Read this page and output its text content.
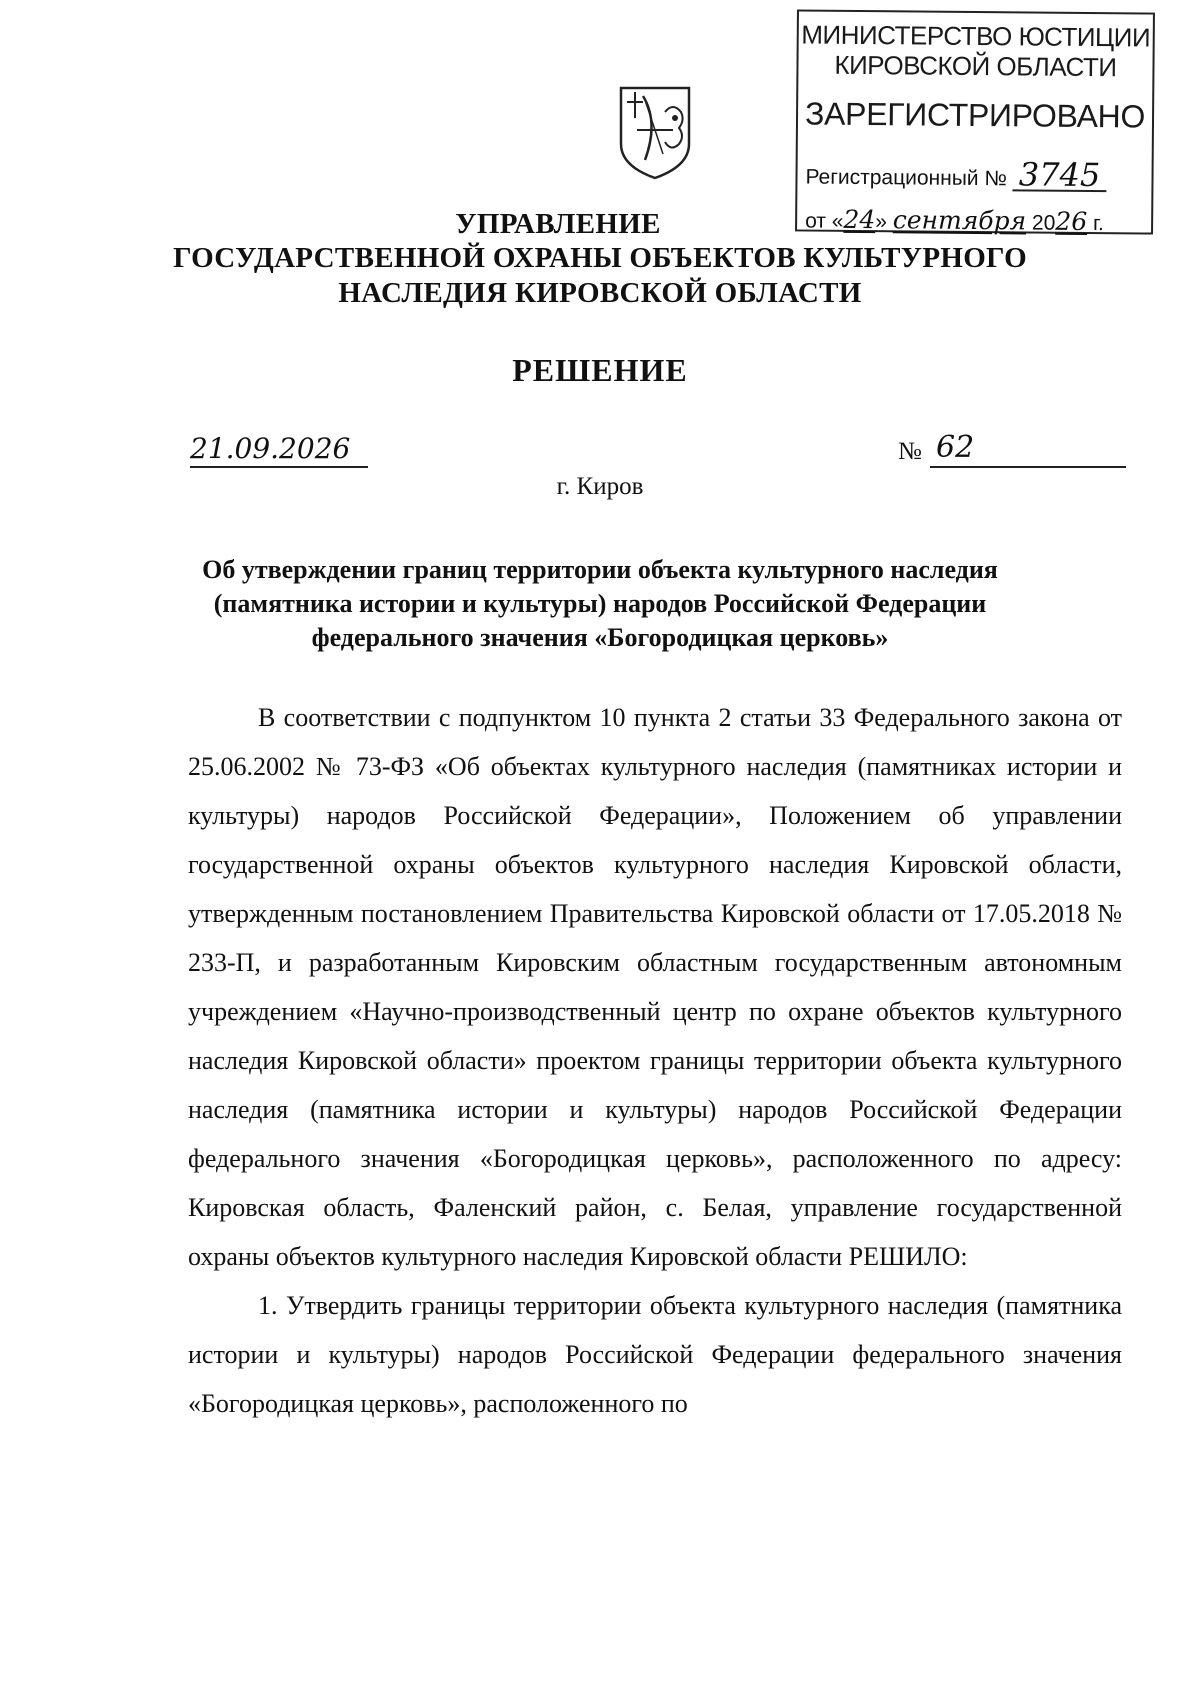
МИНИСТЕРСТВО ЮСТИЦИИ
КИРОВСКОЙ ОБЛАСТИ
ЗАРЕГИСТРИРОВАНО
Регистрационный № 3745
от «24» сентября 2026 г.
УПРАВЛЕНИЕ
ГОСУДАРСТВЕННОЙ ОХРАНЫ ОБЪЕКТОВ КУЛЬТУРНОГО
НАСЛЕДИЯ КИРОВСКОЙ ОБЛАСТИ
РЕШЕНИЕ
21.09.2026	№ 62
г. Киров
Об утверждении границ территории объекта культурного наследия
(памятника истории и культуры) народов Российской Федерации
федерального значения «Богородицкая церковь»

В соответствии с подпунктом 10 пункта 2 статьи 33 Федерального закона от 25.06.2002 № 73-ФЗ «Об объектах культурного наследия (памятниках истории и культуры) народов Российской Федерации», Положением об управлении государственной охраны объектов культурного наследия Кировской области, утвержденным постановлением Правительства Кировской области от 17.05.2018 № 233-П, и разработанным Кировским областным государственным автономным учреждением «Научно-производственный центр по охране объектов культурного наследия Кировской области» проектом границы территории объекта культурного наследия (памятника истории и культуры) народов Российской Федерации федерального значения «Богородицкая церковь», расположенного по адресу: Кировская область, Фаленский район, с. Белая, управление государственной охраны объектов культурного наследия Кировской области РЕШИЛО:

1. Утвердить границы территории объекта культурного наследия (памятника истории и культуры) народов Российской Федерации федерального значения «Богородицкая церковь», расположенного по
